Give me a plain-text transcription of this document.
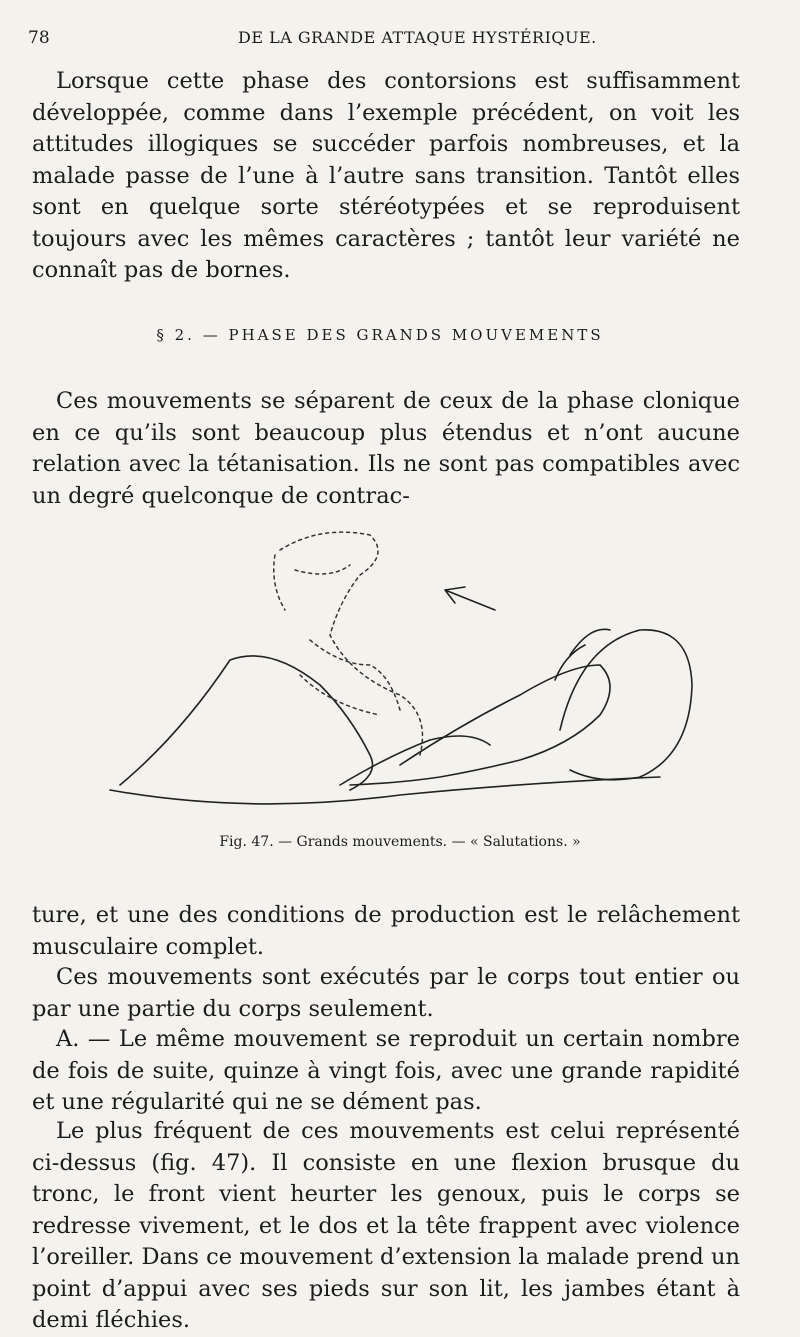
78	DE LA GRANDE ATTAQUE HYSTÉRIQUE.

Lorsque cette phase des contorsions est suffisamment développée, comme dans l’exemple précédent, on voit les attitudes illogiques se succéder parfois nombreuses, et la malade passe de l’une à l’autre sans transition. Tantôt elles sont en quelque sorte stéréotypées et se reproduisent toujours avec les mêmes caractères ; tantôt leur variété ne connaît pas de bornes.

§ 2. — PHASE DES GRANDS MOUVEMENTS

Ces mouvements se séparent de ceux de la phase clonique en ce qu’ils sont beaucoup plus étendus et n’ont aucune relation avec la tétanisation. Ils ne sont pas compatibles avec un degré quelconque de contrac-

Fig. 47. — Grands mouvements. — « Salutations. »

ture, et une des conditions de production est le relâchement musculaire complet.

Ces mouvements sont exécutés par le corps tout entier ou par une partie du corps seulement.

A. — Le même mouvement se reproduit un certain nombre de fois de suite, quinze à vingt fois, avec une grande rapidité et une régularité qui ne se dément pas.

Le plus fréquent de ces mouvements est celui représenté ci-dessus (fig. 47). Il consiste en une flexion brusque du tronc, le front vient heurter les genoux, puis le corps se redresse vivement, et le dos et la tête frappent avec violence l’oreiller. Dans ce mouvement d’extension la malade prend un point d’appui avec ses pieds sur son lit, les jambes étant à demi fléchies.
